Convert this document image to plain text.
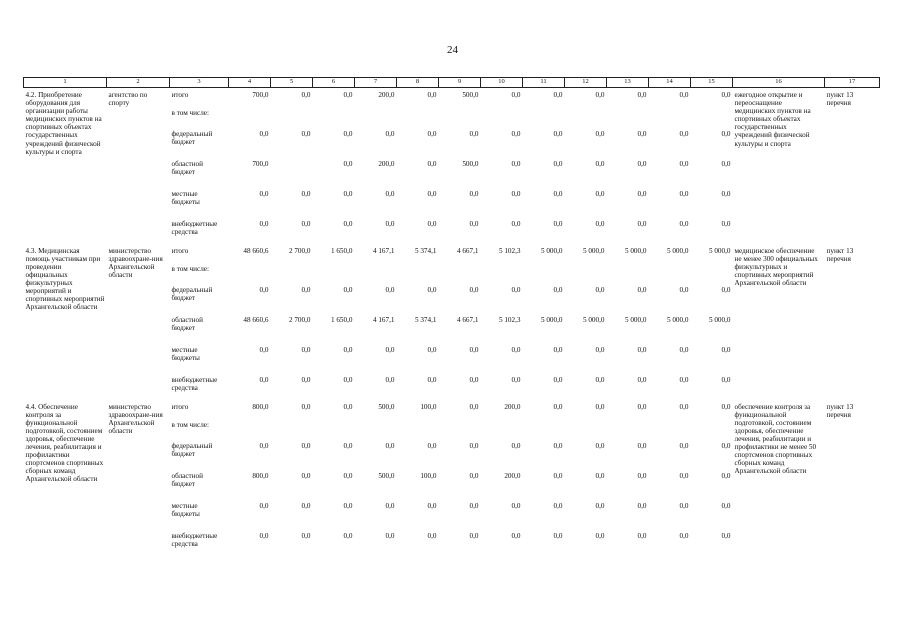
24
1	2	3	4	5	6	7	8	9	10	11	12	13	14	15	16	17
4.2. Приобретение оборудования для организации работы медицинских пунктов на спортивных объектах государственных учреждений физической культуры и спорта	агентство по спорту	итого	700,0	0,0	0,0	200,0	0,0	500,0	0,0	0,0	0,0	0,0	0,0	0,0	ежегодное открытие и переоснащение медицинских пунктов на спортивных объектах государственных учреждений физической культуры и спорта	пункт 13 перечня
		в том числе:														
		федеральный бюджет	0,0	0,0	0,0	0,0	0,0	0,0	0,0	0,0	0,0	0,0	0,0	0,0		
		областной бюджет	700,0		0,0	200,0	0,0	500,0	0,0	0,0	0,0	0,0	0,0	0,0		
		местные бюджеты	0,0	0,0	0,0	0,0	0,0	0,0	0,0	0,0	0,0	0,0	0,0	0,0		
		внебюджетные средства	0,0	0,0	0,0	0,0	0,0	0,0	0,0	0,0	0,0	0,0	0,0	0,0		
4.3. Медицинская помощь участникам при проведении официальных физкультурных мероприятий и спортивных мероприятий Архангельской области	министерство здравоохране-ния Архангельской области	итого	48 660,6	2 700,0	1 650,0	4 167,1	5 374,1	4 667,1	5 102,3	5 000,0	5 000,0	5 000,0	5 000,0	5 000,0	медицинское обеспечение не менее 300 официальных физкультурных и спортивных мероприятий Архангельской области	пункт 13 перечня
		в том числе:														
		федеральный бюджет	0,0	0,0	0,0	0,0	0,0	0,0	0,0	0,0	0,0	0,0	0,0	0,0		
		областной бюджет	48 660,6	2 700,0	1 650,0	4 167,1	5 374,1	4 667,1	5 102,3	5 000,0	5 000,0	5 000,0	5 000,0	5 000,0		
		местные бюджеты	0,0	0,0	0,0	0,0	0,0	0,0	0,0	0,0	0,0	0,0	0,0	0,0		
		внебюджетные средства	0,0	0,0	0,0	0,0	0,0	0,0	0,0	0,0	0,0	0,0	0,0	0,0		
4.4. Обеспечение контроля за функциональной подготовкой, состоянием здоровья, обеспечение лечения, реабилитация и профилактики спортсменов спортивных сборных команд Архангельской области	министерство здравоохране-ния Архангельской области	итого	800,0	0,0	0,0	500,0	100,0	0,0	200,0	0,0	0,0	0,0	0,0	0,0	обеспечение контроля за функциональной подготовкой, состоянием здоровья, обеспечение лечения, реабилитации и профилактики не менее 50 спортсменов спортивных сборных команд Архангельской области	пункт 13 перечня
		в том числе:														
		федеральный бюджет	0,0	0,0	0,0	0,0	0,0	0,0	0,0	0,0	0,0	0,0	0,0	0,0		
		областной бюджет	800,0	0,0	0,0	500,0	100,0	0,0	200,0	0,0	0,0	0,0	0,0	0,0		
		местные бюджеты	0,0	0,0	0,0	0,0	0,0	0,0	0,0	0,0	0,0	0,0	0,0	0,0		
		внебюджетные средства	0,0	0,0	0,0	0,0	0,0	0,0	0,0	0,0	0,0	0,0	0,0	0,0		
